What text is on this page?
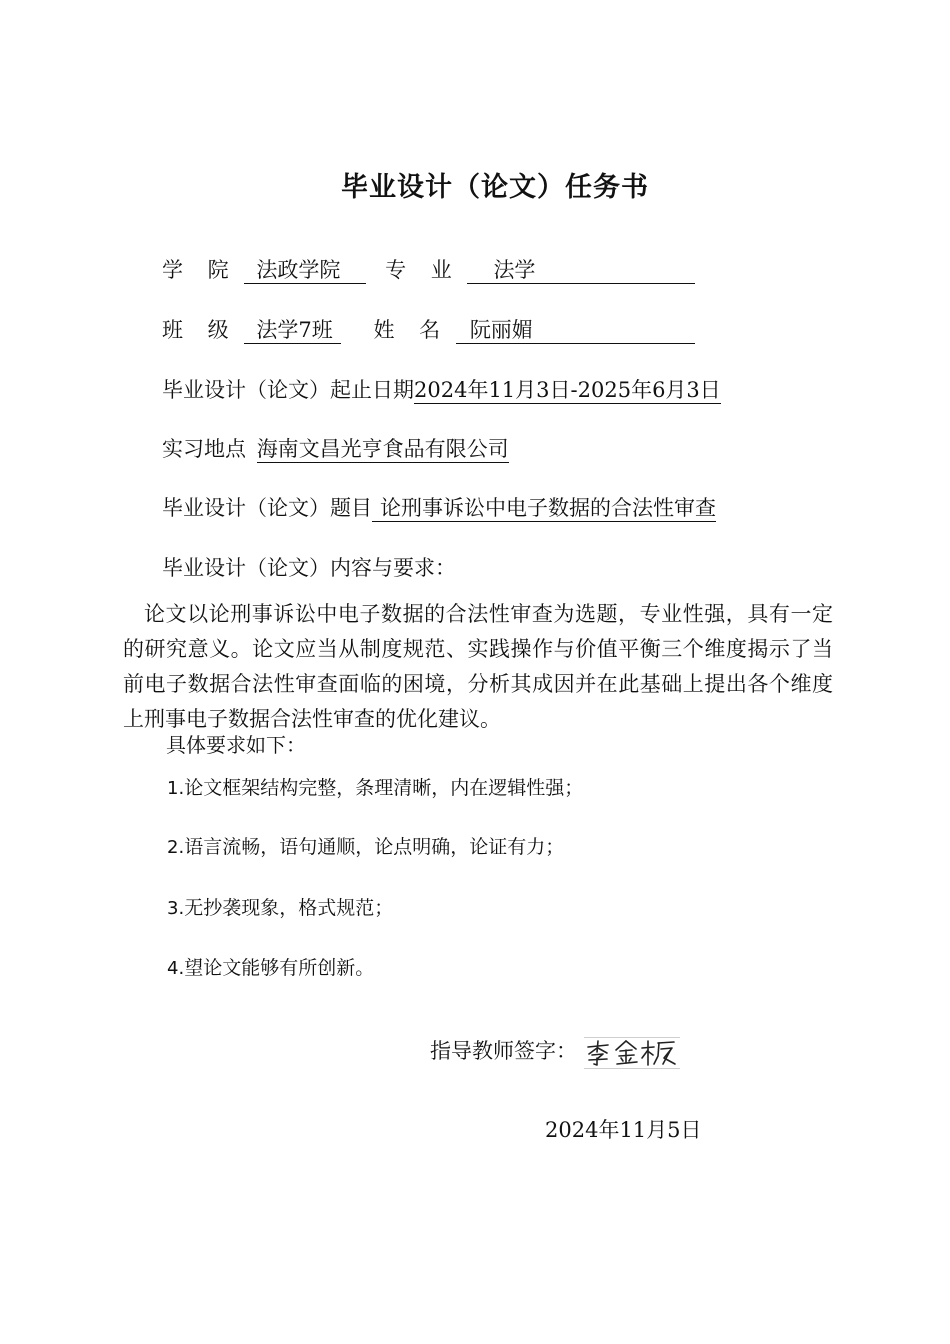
毕业设计（论文）任务书
学 院 法政学院 专 业 法学
班 级 法学7班 姓 名 阮丽媚
毕业设计（论文）起止日期2024年11月3日-2025年6月3日
实习地点 海南文昌光亨食品有限公司
毕业设计（论文）题目 论刑事诉讼中电子数据的合法性审查
毕业设计（论文）内容与要求：
论文以论刑事诉讼中电子数据的合法性审查为选题，专业性强，具有一定的研究意义。论文应当从制度规范、实践操作与价值平衡三个维度揭示了当前电子数据合法性审查面临的困境，分析其成因并在此基础上提出各个维度上刑事电子数据合法性审查的优化建议。
具体要求如下：
1.论文框架结构完整，条理清晰，内在逻辑性强；
2.语言流畅，语句通顺，论点明确，论证有力；
3.无抄袭现象，格式规范；
4.望论文能够有所创新。
指导教师签字：
2024年11月5日
